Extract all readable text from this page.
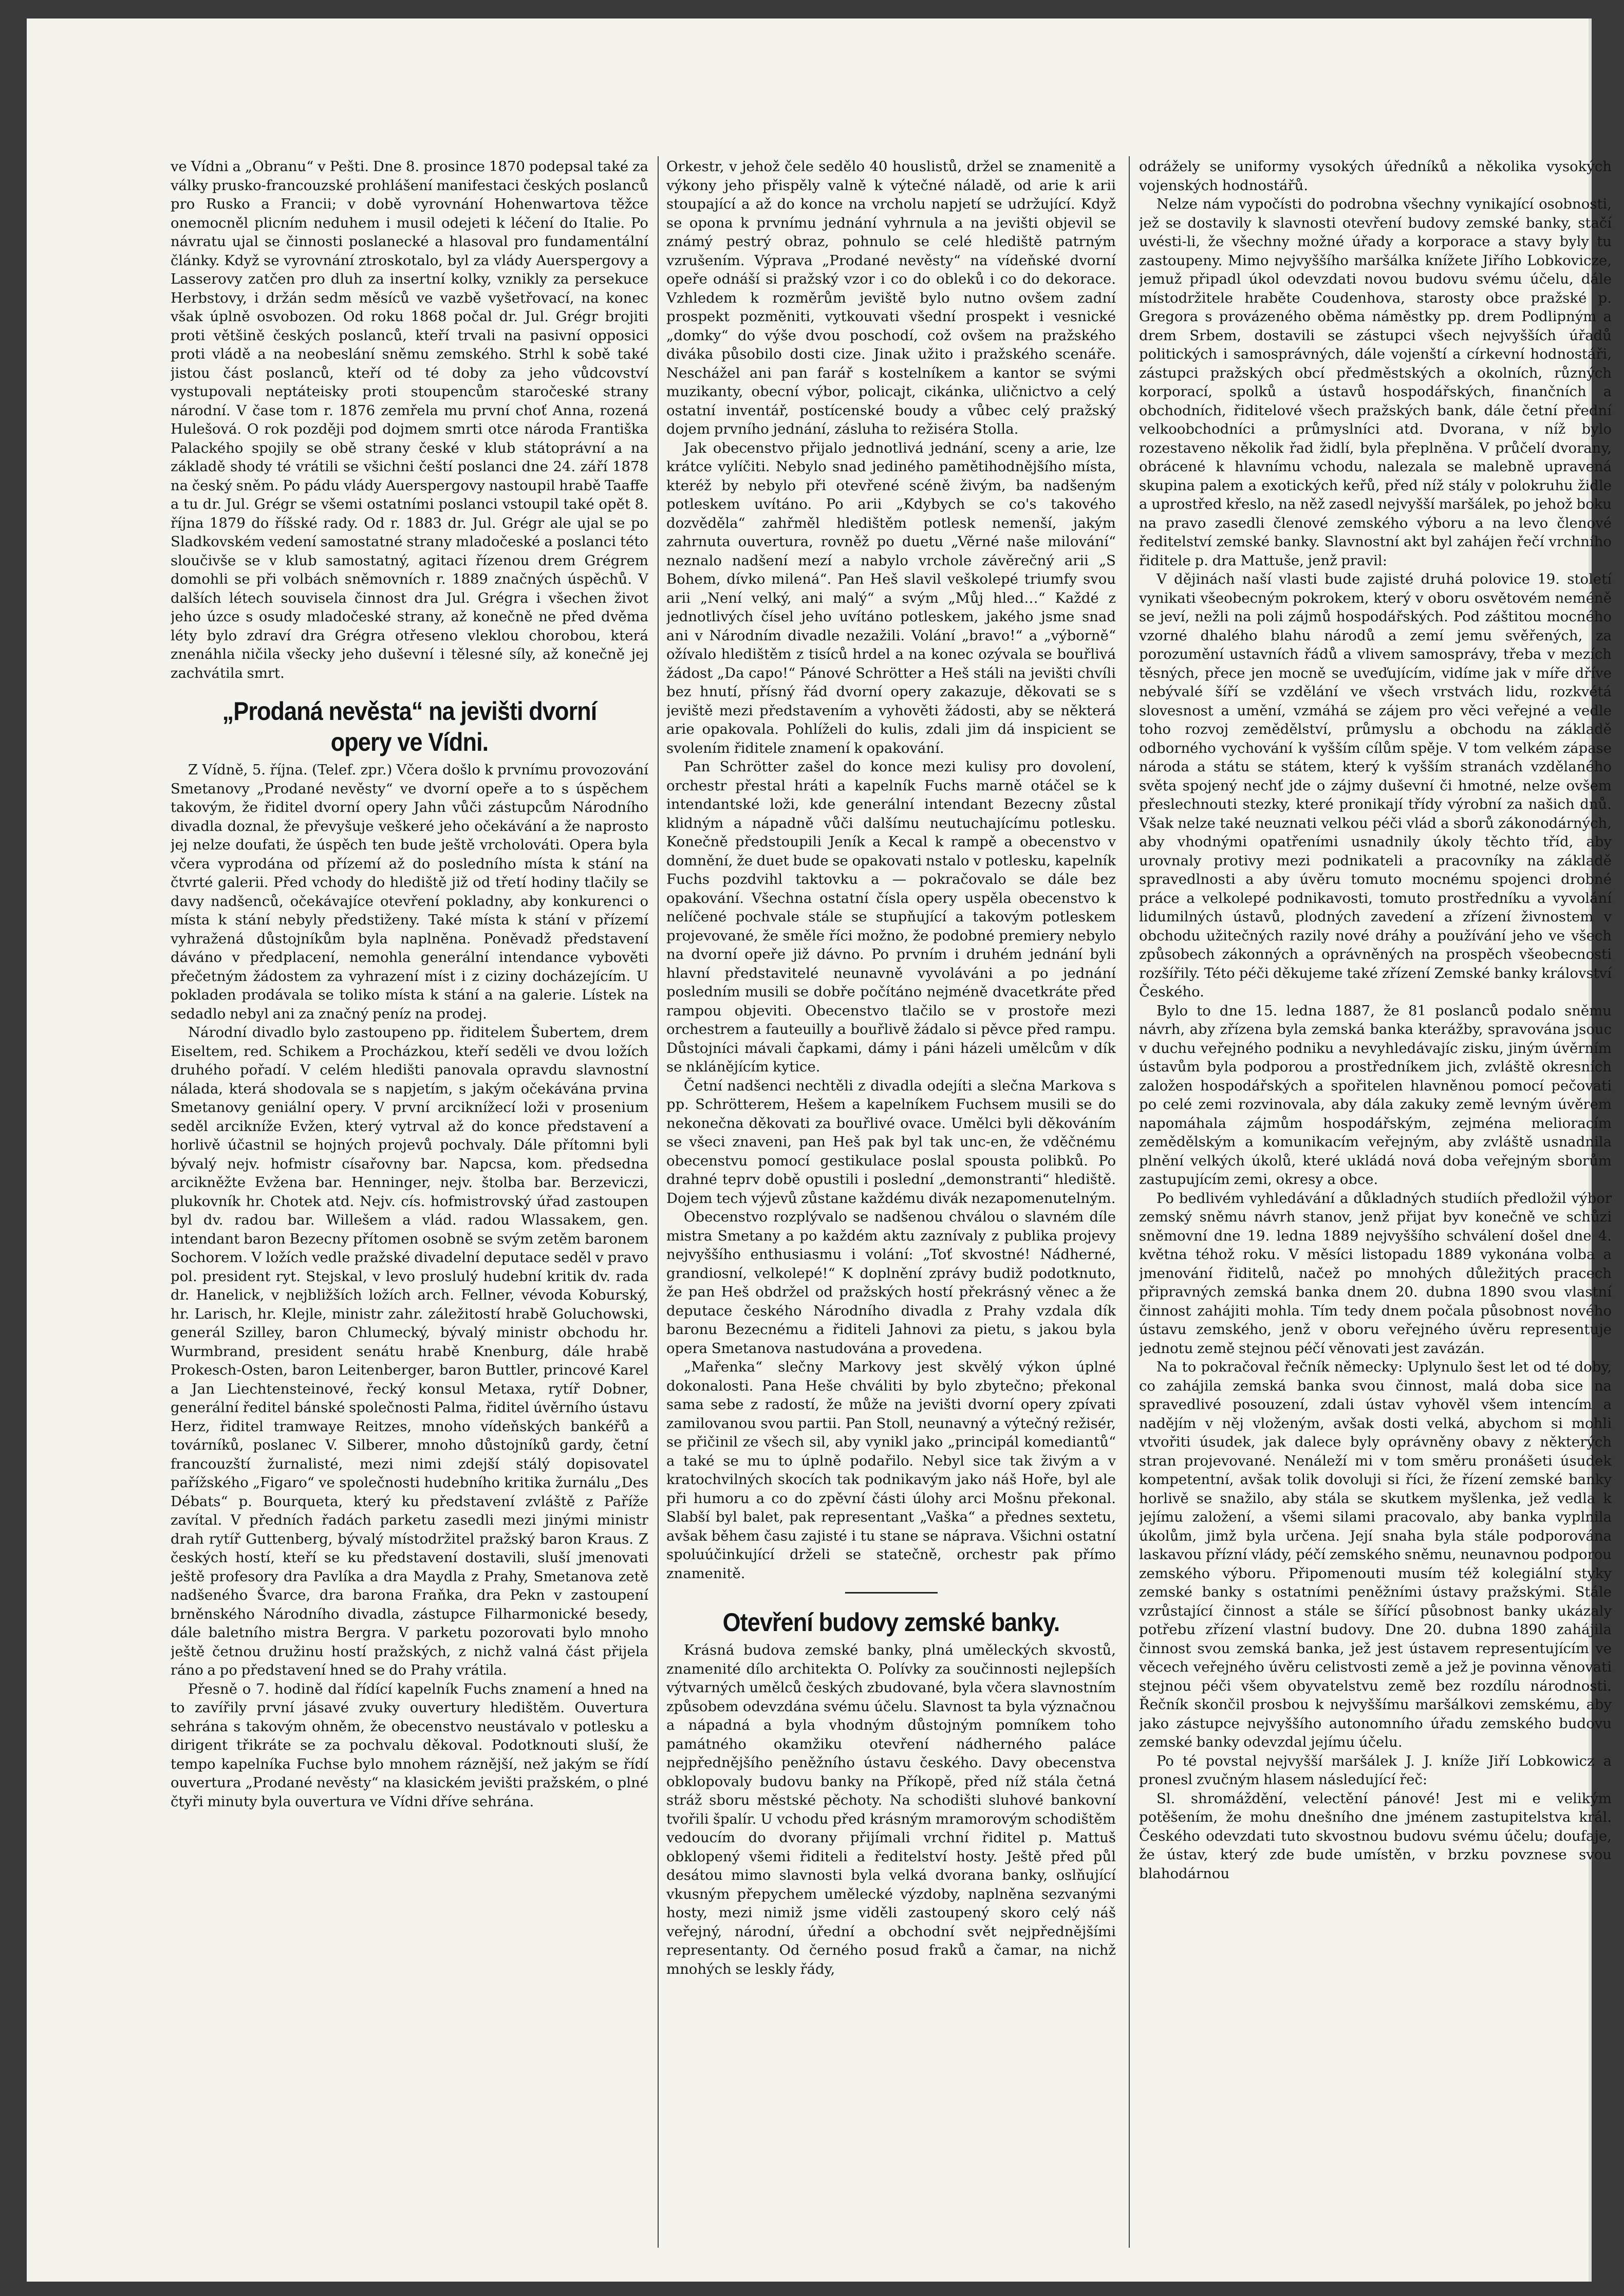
ve Vídni a „Obranu“ v Pešti. Dne 8. prosince 1870 podepsal také za války prusko-francouzské prohlášení manifestaci českých poslanců pro Rusko a Francii; v době vyrovnání Hohenwartova těžce onemocněl plicním neduhem i musil odejeti k léčení do Italie. Po návratu ujal se činnosti poslanecké a hlasoval pro fundamentální články. Když se vyrovnání ztroskotalo, byl za vlády Auerspergovy a Lasserovy zatčen pro dluh za insertní kolky, vznikly za persekuce Herbstovy, i držán sedm měsíců ve vazbě vyšetřovací, na konec však úplně osvobozen. Od roku 1868 počal dr. Jul. Grégr brojiti proti většině českých poslanců, kteří trvali na pasivní opposici proti vládě a na neobeslání sněmu zemského. Strhl k sobě také jistou část poslanců, kteří od té doby za jeho vůdcovství vystupovali neptáteisky proti stoupencům staročeské strany národní. V čase tom r. 1876 zemřela mu první choť Anna, rozená Hulešová. O rok později pod dojmem smrti otce národa Františka Palackého spojily se obě strany české v klub státoprávní a na základě shody té vrátili se všichni čeští poslanci dne 24. září 1878 na český sněm. Po pádu vlády Auerspergovy nastoupil hrabě Taaffe a tu dr. Jul. Grégr se všemi ostatními poslanci vstoupil také opět 8. října 1879 do říšské rady. Od r. 1883 dr. Jul. Grégr ale ujal se po Sladkovském vedení samostatné strany mladočeské a poslanci této sloučivše se v klub samostatný, agitaci řízenou drem Grégrem domohli se při volbách sněmovních r. 1889 značných úspěchů. V dalších létech souvisela činnost dra Jul. Grégra i všechen život jeho úzce s osudy mladočeské strany, až konečně ne před dvěma léty bylo zdraví dra Grégra otřeseno vleklou chorobou, která znenáhla ničila všecky jeho duševní i tělesné síly, až konečně jej zachvátila smrt.

„Prodaná nevěsta“ na jevišti dvorní opery ve Vídni.

Z Vídně, 5. října. (Telef. zpr.) Včera došlo k prvnímu provozování Smetanovy „Prodané nevěsty“ ve dvorní opeře a to s úspěchem takovým, že řiditel dvorní opery Jahn vůči zástupcům Národního divadla doznal, že převyšuje veškeré jeho očekávání a že naprosto jej nelze doufati, že úspěch ten bude ještě vrcholováti. Opera byla včera vyprodána od přízemí až do posledního místa k stání na čtvrté galerii. Před vchody do hlediště již od třetí hodiny tlačily se davy nadšenců, očekávajíce otevření pokladny, aby konkurenci o místa k stání nebyly předstiženy. Také místa k stání v přízemí vyhražená důstojníkům byla naplněna. Poněvadž představení dáváno v předplacení, nemohla generální intendance vybověti přečetným žádostem za vyhrazení míst i z ciziny docházejícím. U pokladen prodávala se toliko místa k stání a na galerie. Lístek na sedadlo nebyl ani za značný peníz na prodej.

Národní divadlo bylo zastoupeno pp. řiditelem Šubertem, drem Eiseltem, red. Schikem a Procházkou, kteří seděli ve dvou ložích druhého pořadí. V celém hledišti panovala opravdu slavnostní nálada, která shodovala se s napjetím, s jakým očekávána prvina Smetanovy geniální opery. V první arciknížecí loži v prosenium seděl arcikníže Evžen, který vytrval až do konce představení a horlivě účastnil se hojných projevů pochvaly. Dále přítomni byli bývalý nejv. hofmistr císařovny bar. Napcsa, kom. předsedna arcikněžte Evžena bar. Henninger, nejv. štolba bar. Berzeviczi, plukovník hr. Chotek atd. Nejv. cís. hofmistrovský úřad zastoupen byl dv. radou bar. Willešem a vlád. radou Wlassakem, gen. intendant baron Bezecny přítomen osobně se svým zetěm baronem Sochorem. V ložích vedle pražské divadelní deputace seděl v pravo pol. president ryt. Stejskal, v levo proslulý hudební kritik dv. rada dr. Hanelick, v nejbližších ložích arch. Fellner, vévoda Koburský, hr. Larisch, hr. Klejle, ministr zahr. záležitostí hrabě Goluchowski, generál Szilley, baron Chlumecký, bývalý ministr obchodu hr. Wurmbrand, president senátu hrabě Knenburg, dále hrabě Prokesch-Osten, baron Leitenberger, baron Buttler, princové Karel a Jan Liechtensteinové, řecký konsul Metaxa, rytíř Dobner, generální ředitel bánské společnosti Palma, řiditel úvěrního ústavu Herz, řiditel tramwaye Reitzes, mnoho vídeňských bankéřů a továrníků, poslanec V. Silberer, mnoho důstojníků gardy, četní francouzští žurnalisté, mezi nimi zdejší stálý dopisovatel pařížského „Figaro“ ve společnosti hudebního kritika žurnálu „Des Débats“ p. Bourqueta, který ku představení zvláště z Paříže zavítal. V předních řadách parketu zasedli mezi jinými ministr drah rytíř Guttenberg, bývalý místodržitel pražský baron Kraus. Z českých hostí, kteří se ku představení dostavili, sluší jmenovati ještě profesory dra Pavlíka a dra Maydla z Prahy, Smetanova zetě nadšeného Švarce, dra barona Fraňka, dra Pekn v zastoupení brněnského Národního divadla, zástupce Filharmonické besedy, dále baletního mistra Bergra. V parketu pozorovati bylo mnoho ještě četnou družinu hostí pražských, z nichž valná část přijela ráno a po představení hned se do Prahy vrátila.

Přesně o 7. hodině dal řídící kapelník Fuchs znamení a hned na to zavířily první jásavé zvuky ouvertury hledištěm. Ouvertura sehrána s takovým ohněm, že obecenstvo neustávalo v potlesku a dirigent třikráte se za pochvalu děkoval. Podotknouti sluší, že tempo kapelníka Fuchse bylo mnohem ráznější, než jakým se řídí ouvertura „Prodané nevěsty“ na klasickém jevišti pražském, o plné čtyři minuty byla ouvertura ve Vídni dříve sehrána.

Orkestr, v jehož čele sedělo 40 houslistů, držel se znamenitě a výkony jeho přispěly valně k výtečné náladě, od arie k arii stoupající a až do konce na vrcholu napjetí se udržující. Když se opona k prvnímu jednání vyhrnula a na jevišti objevil se známý pestrý obraz, pohnulo se celé hlediště patrným vzrušením. Výprava „Prodané nevěsty“ na vídeňské dvorní opeře odnáší si pražský vzor i co do obleků i co do dekorace. Vzhledem k rozměrům jeviště bylo nutno ovšem zadní prospekt pozměniti, vytkouvati všední prospekt i vesnické „domky“ do výše dvou poschodí, což ovšem na pražského diváka působilo dosti cize. Jinak užito i pražského scenáře. Neschážel ani pan farář s kostelníkem a kantor se svými muzikanty, obecní výbor, policajt, cikánka, uličnictvo a celý ostatní inventář, postícenské boudy a vůbec celý pražský dojem prvního jednání, zásluha to režiséra Stolla.

Jak obecenstvo přijalo jednotlivá jednání, sceny a arie, lze krátce vylíčiti. Nebylo snad jediného pamětihodnějšího místa, kteréž by nebylo při otevřené scéně živým, ba nadšeným potleskem uvítáno. Po arii „Kdybych se co's takového dozvěděla“ zahřměl hledištěm potlesk nemenší, jakým zahrnuta ouvertura, rovněž po duetu „Věrné naše milování“ neznalo nadšení mezí a nabylo vrchole závěrečný arii „S Bohem, dívko milená“. Pan Heš slavil veškolepé triumfy svou arii „Není velký, ani malý“ a svým „Můj hled…“ Každé z jednotlivých čísel jeho uvítáno potleskem, jakého jsme snad ani v Národním divadle nezažili. Volání „bravo!“ a „výborně“ ožívalo hledištěm z tisíců hrdel a na konec ozývala se bouřlivá žádost „Da capo!“ Pánové Schrötter a Heš stáli na jevišti chvíli bez hnutí, přísný řád dvorní opery zakazuje, děkovati se s jeviště mezi představením a vyhověti žádosti, aby se některá arie opakovala. Pohlíželi do kulis, zdali jim dá inspicient se svolením řiditele znamení k opakování.

Pan Schrötter zašel do konce mezi kulisy pro dovolení, orchestr přestal hráti a kapelník Fuchs marně otáčel se k intendantské loži, kde generální intendant Bezecny zůstal klidným a nápadně vůči dalšímu neutuchajícímu potlesku. Konečně předstoupili Jeník a Kecal k rampě a obecenstvo v domnění, že duet bude se opakovati nstalo v potlesku, kapelník Fuchs pozdvihl taktovku a — pokračovalo se dále bez opakování. Všechna ostatní čísla opery uspěla obecenstvo k nelíčené pochvale stále se stupňující a takovým potleskem projevované, že směle říci možno, že podobné premiery nebylo na dvorní opeře již dávno. Po prvním i druhém jednání byli hlavní představitelé neunavně vyvoláváni a po jednání posledním musili se dobře počítáno nejméně dvacetkráte před rampou objeviti. Obecenstvo tlačilo se v prostoře mezi orchestrem a fauteuilly a bouřlivě žádalo si pěvce před rampu. Důstojníci mávali čapkami, dámy i páni házeli umělcům v dík se nklánějícím kytice.

Četní nadšenci nechtěli z divadla odejíti a slečna Markova s pp. Schrötterem, Hešem a kapelníkem Fuchsem musili se do nekonečna děkovati za bouřlivé ovace. Umělci byli děkováním se všeci znaveni, pan Heš pak byl tak unc-en, že vděčnému obecenstvu pomocí gestikulace poslal spousta polibků. Po drahné teprv době opustili i poslední „demonstranti“ hlediště. Dojem tech výjevů zůstane každému divák nezapomenutelným.

Obecenstvo rozplývalo se nadšenou chválou o slavném díle mistra Smetany a po každém aktu zaznívaly z publika projevy nejvyššího enthusiasmu i volání: „Toť skvostné! Nádherné, grandiosní, velkolepé!“ K doplnění zprávy budiž podotknuto, že pan Heš obdržel od pražských hostí překrásný věnec a že deputace českého Národního divadla z Prahy vzdala dík baronu Bezecnému a řiditeli Jahnovi za pietu, s jakou byla opera Smetanova nastudována a provedena.

„Mařenka“ slečny Markovy jest skvělý výkon úplné dokonalosti. Pana Heše chváliti by bylo zbytečno; překonal sama sebe z radostí, že může na jevišti dvorní opery zpívati zamilovanou svou partii. Pan Stoll, neunavný a výtečný režisér, se přičinil ze všech sil, aby vynikl jako „principál komediantů“ a také se mu to úplně podařilo. Nebyl sice tak živým a v kratochvilných skocích tak podnikavým jako náš Hoře, byl ale při humoru a co do zpěvní části úlohy arci Mošnu překonal. Slabší byl balet, pak representant „Vaška“ a přednes sextetu, avšak během času zajisté i tu stane se náprava. Všichni ostatní spoluúčinkující drželi se statečně, orchestr pak přímo znamenitě.

Otevření budovy zemské banky.

Krásná budova zemské banky, plná uměleckých skvostů, znamenité dílo architekta O. Polívky za součinnosti nejlepších výtvarných umělců českých zbudované, byla včera slavnostním způsobem odevzdána svému účelu. Slavnost ta byla význačnou a nápadná a byla vhodným důstojným pomníkem toho památného okamžiku otevření nádherného paláce nejpřednějšího peněžního ústavu českého. Davy obecenstva obklopovaly budovu banky na Příkopě, před níž stála četná stráž sboru městské pěchoty. Na schodišti sluhové bankovní tvořili špalír. U vchodu před krásným mramorovým schodištěm vedoucím do dvorany přijímali vrchní řiditel p. Mattuš obklopený všemi řiditeli a ředitelství hosty. Ještě před půl desátou mimo slavnosti byla velká dvorana banky, oslňující vkusným přepychem umělecké výzdoby, naplněna sezvanými hosty, mezi nimiž jsme viděli zastoupený skoro celý náš veřejný, národní, úřední a obchodní svět nejpřednějšími representanty. Od černého posud fraků a čamar, na nichž mnohých se leskly řády,

odrážely se uniformy vysokých úředníků a několika vysokých vojenských hodnostářů.

Nelze nám vypočísti do podrobna všechny vynikající osobnosti, jež se dostavily k slavnosti otevření budovy zemské banky, stačí uvésti-li, že všechny možné úřady a korporace a stavy byly tu zastoupeny. Mimo nejvyššího maršálka knížete Jiřího Lobkovicze, jemuž připadl úkol odevzdati novou budovu svému účelu, dále místodržitele hraběte Coudenhova, starosty obce pražské p. Gregora s provázeného oběma náměstky pp. drem Podlipným a drem Srbem, dostavili se zástupci všech nejvyšších úřadů politických i samosprávných, dále vojenští a církevní hodnostáři, zástupci pražských obcí předměstských a okolních, různých korporací, spolků a ústavů hospodářských, finančních a obchodních, řiditelové všech pražských bank, dále četní přední velkoobchodníci a průmyslníci atd. Dvorana, v níž bylo rozestaveno několik řad židlí, byla přeplněna. V průčelí dvorany, obrácené k hlavnímu vchodu, nalezala se malebně upravená skupina palem a exotických keřů, před níž stály v polokruhu židle a uprostřed křeslo, na něž zasedl nejvyšší maršálek, po jehož boku na pravo zasedli členové zemského výboru a na levo členové ředitelství zemské banky. Slavnostní akt byl zahájen řečí vrchního řiditele p. dra Mattuše, jenž pravil:

V dějinách naší vlasti bude zajisté druhá polovice 19. století vynikati všeobecným pokrokem, který v oboru osvětovém neméně se jeví, nežli na poli zájmů hospodářských. Pod záštitou mocného vzorné dhalého blahu národů a zemí jemu svěřených, za porozumění ustavních řádů a vlivem samosprávy, třeba v mezích těsných, přece jen mocně se uveďujícím, vidíme jak v míře dříve nebývalé šíří se vzdělání ve všech vrstvách lidu, rozkvétá slovesnost a umění, vzmáhá se zájem pro věci veřejné a vedle toho rozvoj zemědělství, průmyslu a obchodu na základě odborného vychování k vyšším cílům spěje. V tom velkém zápase národa a státu se státem, který k vyšším stranách vzdělaného světa spojený nechť jde o zájmy duševní či hmotné, nelze ovšem přeslechnouti stezky, které pronikají třídy výrobní za našich dnů. Však nelze také neuznati velkou péči vlád a sborů zákonodárných, aby vhodnými opatřeními usnadnily úkoly těchto tříd, aby urovnaly protivy mezi podnikateli a pracovníky na základě spravedlnosti a aby úvěru tomuto mocnému spojenci drobné práce a velkolepé podnikavosti, tomuto prostředníku a vyvolání lidumilných ústavů, plodných zavedení a zřízení živnostem v obchodu užitečných razily nové dráhy a používání jeho ve všech způsobech zákonných a oprávněných na prospěch všeobecnosti rozšířily. Této péči děkujeme také zřízení Zemské banky království Českého.

Bylo to dne 15. ledna 1887, že 81 poslanců podalo sněmu návrh, aby zřízena byla zemská banka kterážby, spravována jsouc v duchu veřejného podniku a nevyhledávajíc zisku, jiným úvěrním ústavům byla podporou a prostředníkem jich, zvláště okresních založen hospodářských a spořitelen hlavněnou pomocí pečovati po celé zemi rozvinovala, aby dála zakuky země levným úvěrem napomáhala zájmům hospodářským, zejména melioracím zemědělským a komunikacím veřejným, aby zvláště usnadnila plnění velkých úkolů, které ukládá nová doba veřejným sborům zastupujícím zemi, okresy a obce.

Po bedlivém vyhledávání a důkladných studiích předložil výbor zemský sněmu návrh stanov, jenž přijat byv konečně ve schůzi sněmovní dne 19. ledna 1889 nejvyššího schválení došel dne 4. května téhož roku. V měsíci listopadu 1889 vykonána volba a jmenování řiditelů, načež po mnohých důležitých pracech připravných zemská banka dnem 20. dubna 1890 svou vlastní činnost zahájiti mohla. Tím tedy dnem počala působnost nového ústavu zemského, jenž v oboru veřejného úvěru representuje jednotu země stejnou péčí věnovati jest zavázán.

Na to pokračoval řečník německy: Uplynulo šest let od té doby, co zahájila zemská banka svou činnost, malá doba sice na spravedlivé posouzení, zdali ústav vyhověl všem intencím a nadějím v něj vloženým, avšak dosti velká, abychom si mohli vtvořiti úsudek, jak dalece byly oprávněny obavy z některých stran projevované. Nenáleží mi v tom směru pronášeti úsudek kompetentní, avšak tolik dovoluji si říci, že řízení zemské banky horlivě se snažilo, aby stála se skutkem myšlenka, jež vedla k jejímu založení, a všemi silami pracovalo, aby banka vyplnila úkolům, jimž byla určena. Její snaha byla stále podporována laskavou přízní vlády, péčí zemského sněmu, neunavnou podporou zemského výboru. Připomenouti musím též kolegiální styky zemské banky s ostatními peněžními ústavy pražskými. Stále vzrůstající činnost a stále se šířící působnost banky ukázaly potřebu zřízení vlastní budovy. Dne 20. dubna 1890 zahájila činnost svou zemská banka, jež jest ústavem representujícím ve věcech veřejného úvěru celistvosti země a jež je povinna věnovati stejnou péči všem obyvatelstvu země bez rozdílu národnosti. Řečník skončil prosbou k nejvyššímu maršálkovi zemskému, aby jako zástupce nejvyššího autonomního úřadu zemského budovu zemské banky odevzdal jejímu účelu.

Po té povstal nejvyšší maršálek J. J. kníže Jiří Lobkowicz a pronesl zvučným hlasem následující řeč:

Sl. shromáždění, velectění pánové! Jest mi e velikým potěšením, že mohu dnešního dne jménem zastupitelstva král. Českého odevzdati tuto skvostnou budovu svému účelu; doufaje, že ústav, který zde bude umístěn, v brzku povznese svou blahodárnou
